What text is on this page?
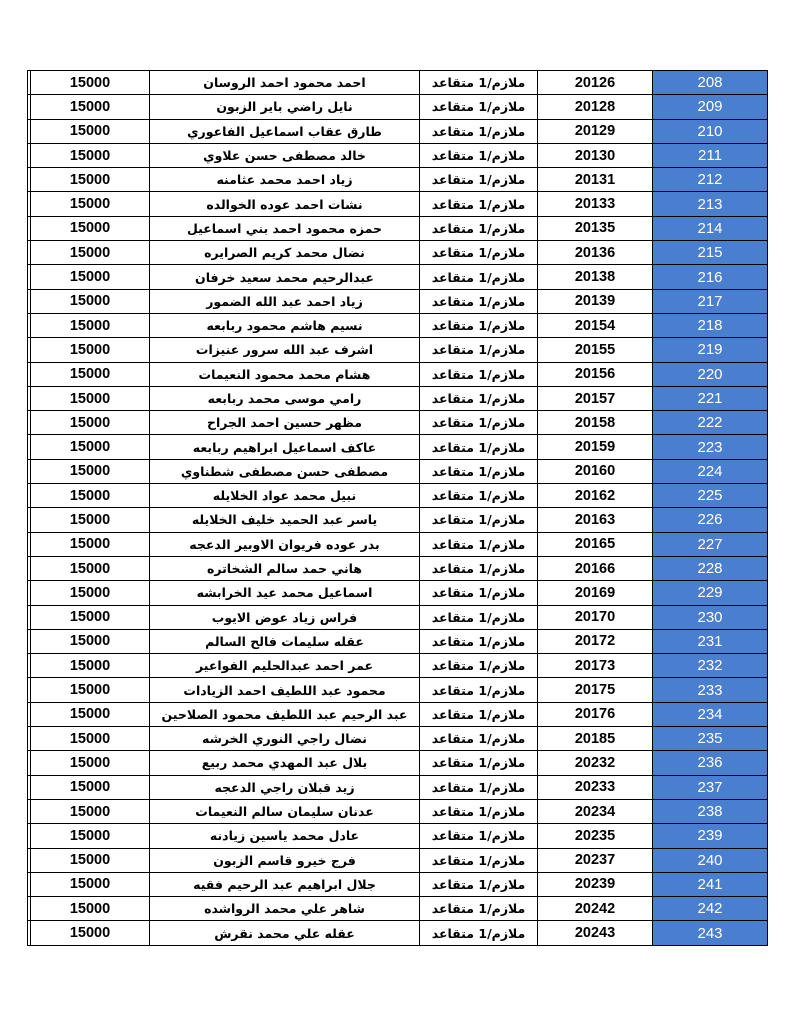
208	20126	ملازم/1 متقاعد	احمد محمود احمد الروسان	15000	
209	20128	ملازم/1 متقاعد	نايل راضي باير الزبون	15000	
210	20129	ملازم/1 متقاعد	طارق عقاب اسماعيل الفاعوري	15000	
211	20130	ملازم/1 متقاعد	خالد مصطفى حسن علاوي	15000	
212	20131	ملازم/1 متقاعد	زياد احمد محمد عثامنه	15000	
213	20133	ملازم/1 متقاعد	نشات احمد عوده الخوالده	15000	
214	20135	ملازم/1 متقاعد	حمزه محمود احمد بني اسماعيل	15000	
215	20136	ملازم/1 متقاعد	نضال محمد كريم الصرايره	15000	
216	20138	ملازم/1 متقاعد	عبدالرحيم محمد سعيد خرفان	15000	
217	20139	ملازم/1 متقاعد	زياد احمد عبد الله الضمور	15000	
218	20154	ملازم/1 متقاعد	نسيم هاشم محمود ربابعه	15000	
219	20155	ملازم/1 متقاعد	اشرف عبد الله سرور عنيزات	15000	
220	20156	ملازم/1 متقاعد	هشام محمد محمود النعيمات	15000	
221	20157	ملازم/1 متقاعد	رامي موسى محمد ربابعه	15000	
222	20158	ملازم/1 متقاعد	مظهر حسين احمد الجراح	15000	
223	20159	ملازم/1 متقاعد	عاكف اسماعيل ابراهيم ربابعه	15000	
224	20160	ملازم/1 متقاعد	مصطفى حسن مصطفى شطناوي	15000	
225	20162	ملازم/1 متقاعد	نبيل محمد عواد الخلايله	15000	
226	20163	ملازم/1 متقاعد	ياسر عبد الحميد خليف الخلايله	15000	
227	20165	ملازم/1 متقاعد	بدر عوده فريوان الاوبير الدعجه	15000	
228	20166	ملازم/1 متقاعد	هاني حمد سالم الشخاتره	15000	
229	20169	ملازم/1 متقاعد	اسماعيل محمد عيد الخرابشه	15000	
230	20170	ملازم/1 متقاعد	فراس زياد عوض الايوب	15000	
231	20172	ملازم/1 متقاعد	عقله سليمات فالح السالم	15000	
232	20173	ملازم/1 متقاعد	عمر احمد عبدالحليم الفواعير	15000	
233	20175	ملازم/1 متقاعد	محمود عبد اللطيف احمد الزيادات	15000	
234	20176	ملازم/1 متقاعد	عبد الرحيم عبد اللطيف محمود الصلاحين	15000	
235	20185	ملازم/1 متقاعد	نضال راجي النوري الخرشه	15000	
236	20232	ملازم/1 متقاعد	بلال عبد المهدي محمد ربيع	15000	
237	20233	ملازم/1 متقاعد	زيد قبلان راجي الدعجه	15000	
238	20234	ملازم/1 متقاعد	عدنان سليمان سالم النعيمات	15000	
239	20235	ملازم/1 متقاعد	عادل محمد ياسين زيادنه	15000	
240	20237	ملازم/1 متقاعد	فرج خيرو قاسم الزبون	15000	
241	20239	ملازم/1 متقاعد	جلال ابراهيم عبد الرحيم فقيه	15000	
242	20242	ملازم/1 متقاعد	شاهر علي محمد الرواشده	15000	
243	20243	ملازم/1 متقاعد	عقله علي محمد نقرش	15000	
